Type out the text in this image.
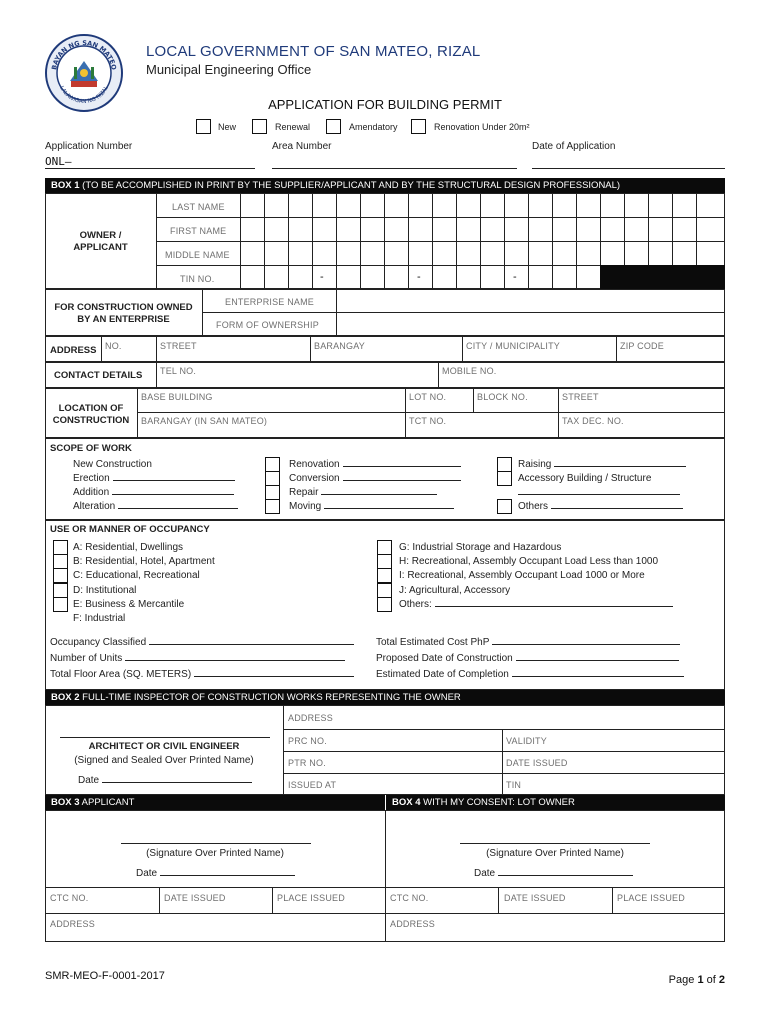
BAYAN NG SAN MATEO
LALAWIGAN NG RIZAL
LOCAL GOVERNMENT OF SAN MATEO, RIZAL
Municipal Engineering Office
APPLICATION FOR BUILDING PERMIT
New	Renewal	Amendatory	Renovation Under 20m²
Application Number
ONL–
Area Number	Date of Application
BOX 1 (TO BE ACCOMPLISHED IN PRINT BY THE SUPPLIER/APPLICANT AND BY THE STRUCTURAL DESIGN PROFESSIONAL)
OWNER /
APPLICANT
LAST NAME
FIRST NAME
MIDDLE NAME
TIN NO.	-	-	-
FOR CONSTRUCTION OWNED
BY AN ENTERPRISE
ENTERPRISE NAME
FORM OF OWNERSHIP
ADDRESS NO.	STREET	BARANGAY	CITY / MUNICIPALITY	ZIP CODE
CONTACT DETAILS TEL NO.	MOBILE NO.
LOCATION OF
CONSTRUCTION
BASE BUILDING	LOT NO.	BLOCK NO.	STREET
BARANGAY (IN SAN MATEO)	TCT NO.	TAX DEC. NO.
SCOPE OF WORK
New Construction
Erection
Addition
Alteration
Renovation
Conversion
Repair
Moving
Raising
Accessory Building / Structure
Others
USE OR MANNER OF OCCUPANCY
A: Residential, Dwellings
B: Residential, Hotel, Apartment
C: Educational, Recreational
D: Institutional
E: Business & Mercantile
F: Industrial
G: Industrial Storage and Hazardous
H: Recreational, Assembly Occupant Load Less than 1000
I: Recreational, Assembly Occupant Load 1000 or More
J: Agricultural, Accessory
Others:
Occupancy Classified
Number of Units
Total Floor Area (SQ. METERS)
Total Estimated Cost PhP
Proposed Date of Construction
Estimated Date of Completion
BOX 2 FULL-TIME INSPECTOR OF CONSTRUCTION WORKS REPRESENTING THE OWNER
ARCHITECT OR CIVIL ENGINEER
(Signed and Sealed Over Printed Name)
Date
ADDRESS
PRC NO.	VALIDITY
PTR NO.	DATE ISSUED
ISSUED AT	TIN
BOX 3 APPLICANT	BOX 4 WITH MY CONSENT: LOT OWNER
(Signature Over Printed Name)
Date
CTC NO.	DATE ISSUED	PLACE ISSUED
ADDRESS
(Signature Over Printed Name)
Date
CTC NO.	DATE ISSUED	PLACE ISSUED
ADDRESS
SMR-MEO-F-0001-2017	Page 1 of 2
